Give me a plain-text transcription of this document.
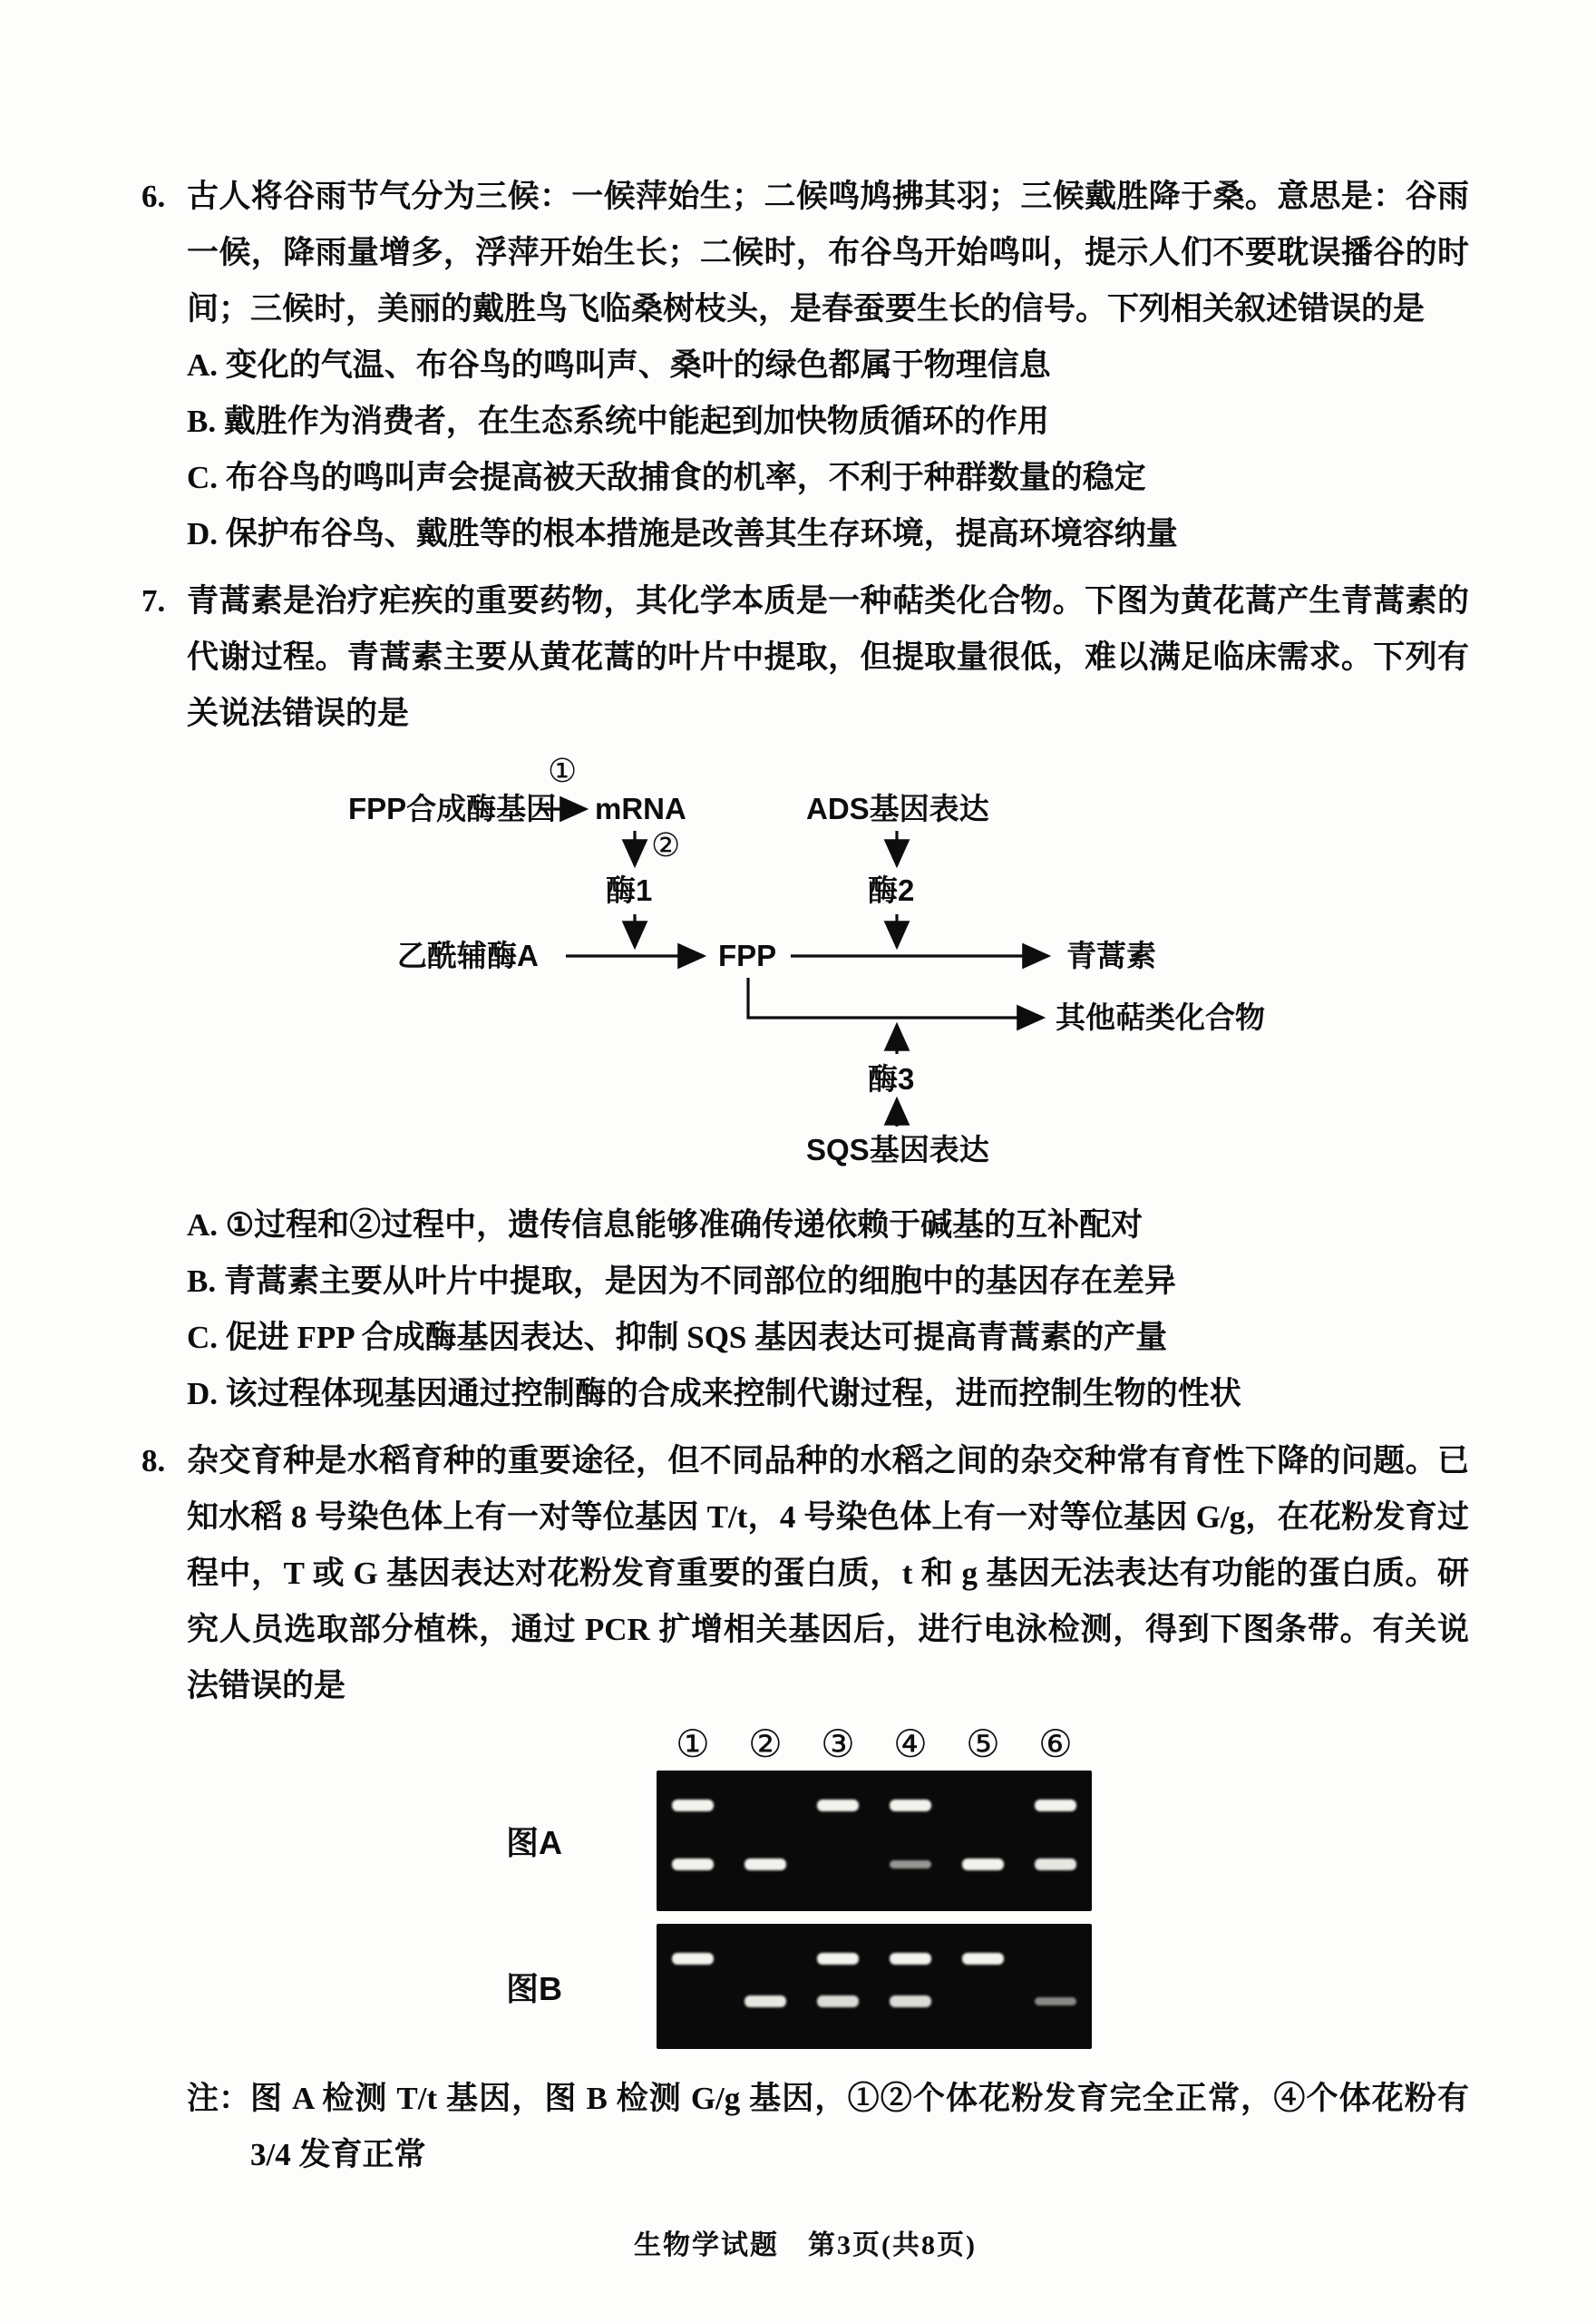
6. 古人将谷雨节气分为三候：一候萍始生；二候鸣鸠拂其羽；三候戴胜降于桑。意思是：谷雨一候，降雨量增多，浮萍开始生长；二候时，布谷鸟开始鸣叫，提示人们不要耽误播谷的时间；三候时，美丽的戴胜鸟飞临桑树枝头，是春蚕要生长的信号。下列相关叙述错误的是
A. 变化的气温、布谷鸟的鸣叫声、桑叶的绿色都属于物理信息
B. 戴胜作为消费者，在生态系统中能起到加快物质循环的作用
C. 布谷鸟的鸣叫声会提高被天敌捕食的机率，不利于种群数量的稳定
D. 保护布谷鸟、戴胜等的根本措施是改善其生存环境，提高环境容纳量
7. 青蒿素是治疗疟疾的重要药物，其化学本质是一种萜类化合物。下图为黄花蒿产生青蒿素的代谢过程。青蒿素主要从黄花蒿的叶片中提取，但提取量很低，难以满足临床需求。下列有关说法错误的是
FPP合成酶基因
①
mRNA
②
酶1
ADS基因表达
酶2
乙酰辅酶A	FPP	青蒿素
其他萜类化合物
酶3
SQS基因表达
A. ①过程和②过程中，遗传信息能够准确传递依赖于碱基的互补配对
B. 青蒿素主要从叶片中提取，是因为不同部位的细胞中的基因存在差异
C. 促进 FPP 合成酶基因表达、抑制 SQS 基因表达可提高青蒿素的产量
D. 该过程体现基因通过控制酶的合成来控制代谢过程，进而控制生物的性状
8. 杂交育种是水稻育种的重要途径，但不同品种的水稻之间的杂交种常有育性下降的问题。已知水稻 8 号染色体上有一对等位基因 T/t，4 号染色体上有一对等位基因 G/g，在花粉发育过程中，T 或 G 基因表达对花粉发育重要的蛋白质，t 和 g 基因无法表达有功能的蛋白质。研究人员选取部分植株，通过 PCR 扩增相关基因后，进行电泳检测，得到下图条带。有关说法错误的是
①	②	③	④	⑤	⑥
图A
图B
注： 图 A 检测 T/t 基因，图 B 检测 G/g 基因，①②个体花粉发育完全正常，④个体花粉有 3/4 发育正常
生物学试题　第3页(共8页)
